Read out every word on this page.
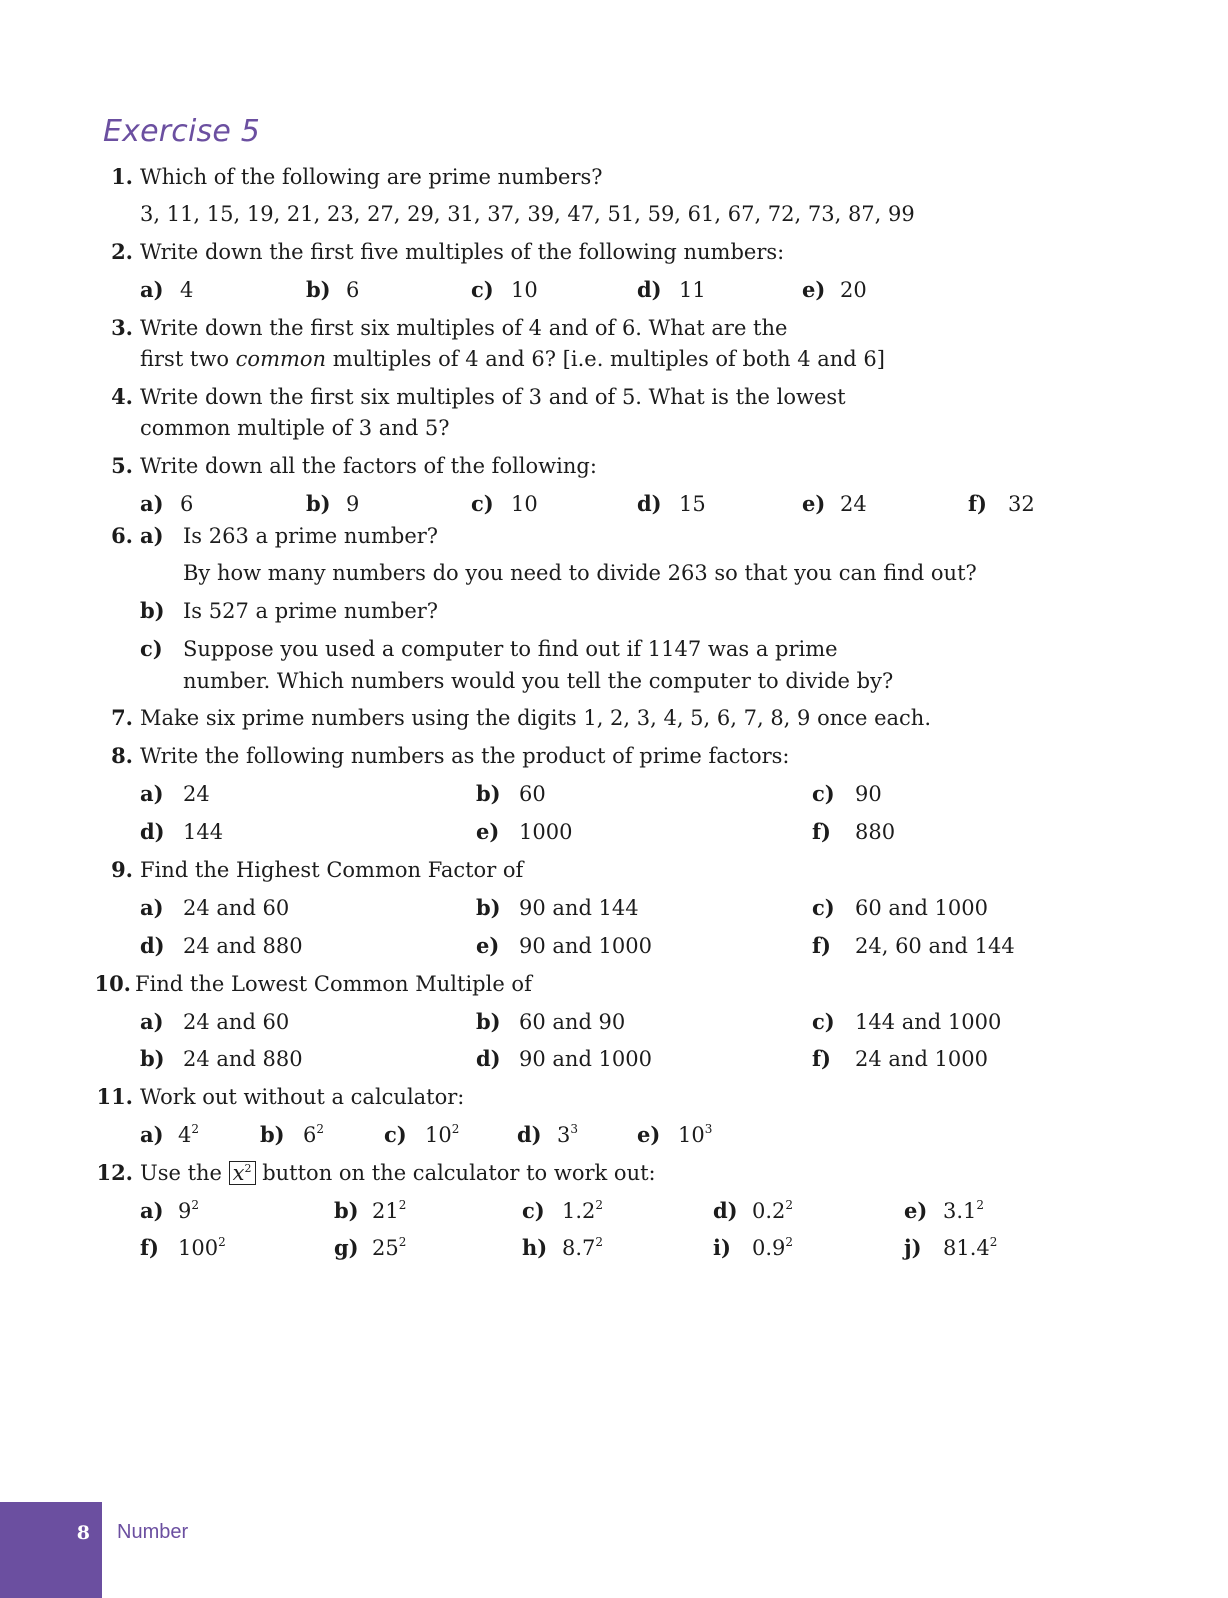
Exercise 5
1. Which of the following are prime numbers?
3, 11, 15, 19, 21, 23, 27, 29, 31, 37, 39, 47, 51, 59, 61, 67, 72, 73, 87, 99
2. Write down the first five multiples of the following numbers:
a) 4	b) 6	c) 10	d) 11	e) 20
3. Write down the first six multiples of 4 and of 6. What are the
first two common multiples of 4 and 6? [i.e. multiples of both 4 and 6]
4. Write down the first six multiples of 3 and of 5. What is the lowest
common multiple of 3 and 5?
5. Write down all the factors of the following:
a) 6	b) 9	c) 10	d) 15	e) 24	f) 32
6. a) Is 263 a prime number?
By how many numbers do you need to divide 263 so that you can find out?
b) Is 527 a prime number?
c) Suppose you used a computer to find out if 1147 was a prime
number. Which numbers would you tell the computer to divide by?
7. Make six prime numbers using the digits 1, 2, 3, 4, 5, 6, 7, 8, 9 once each.
8. Write the following numbers as the product of prime factors:
a) 24	b) 60	c) 90
d) 144	e) 1000	f) 880
9. Find the Highest Common Factor of
a) 24 and 60	b) 90 and 144	c) 60 and 1000
d) 24 and 880	e) 90 and 1000	f) 24, 60 and 144
10. Find the Lowest Common Multiple of
a) 24 and 60	b) 60 and 90	c) 144 and 1000
b) 24 and 880	d) 90 and 1000	f) 24 and 1000
11. Work out without a calculator:
a) $4^2$	b) $6^2$	c) $10^2$	d) $3^3$	e) $10^3$
12. Use the $x^2$ button on the calculator to work out:
a) $9^2$	b) $21^2$	c) $1.2^2$	d) $0.2^2$	e) $3.1^2$
f) $100^2$	g) $25^2$	h) $8.7^2$	i) $0.9^2$	j) 81.4$^2$
8 Number
